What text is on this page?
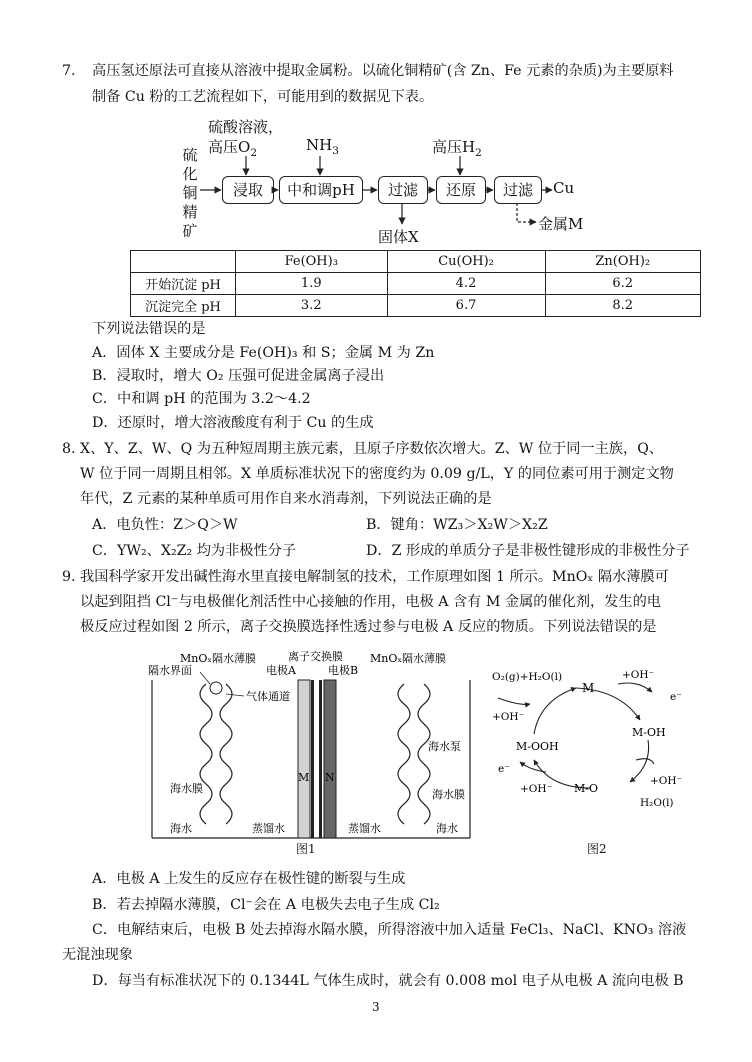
7. 高压氢还原法可直接从溶液中提取金属粉。以硫化铜精矿(含 Zn、Fe 元素的杂质)为主要原料
制备 Cu 粉的工艺流程如下，可能用到的数据见下表。
硫
化
铜
精
矿
硫酸溶液，
高压$O_2$	$NH_3$	高压$H_2$
浸取	中和调pH	过滤	还原	过滤	Cu
固体X
金属M
	Fe(OH)₃	Cu(OH)₂	Zn(OH)₂
开始沉淀 pH	1.9	4.2	6.2
沉淀完全 pH	3.2	6.7	8.2
下列说法错误的是
A．固体 X 主要成分是 Fe(OH)₃ 和 S；金属 M 为 Zn
B．浸取时，增大 O₂ 压强可促进金属离子浸出
C．中和调 pH 的范围为 3.2～4.2
D．还原时，增大溶液酸度有利于 Cu 的生成
8. X、Y、Z、W、Q 为五种短周期主族元素，且原子序数依次增大。Z、W 位于同一主族，Q、
W 位于同一周期且相邻。X 单质标准状况下的密度约为 0.09 g/L，Y 的同位素可用于测定文物
年代，Z 元素的某种单质可用作自来水消毒剂，下列说法正确的是
A．电负性：Z＞Q＞W	B．键角：WZ₃＞X₂W＞X₂Z
C．YW₂、X₂Z₂ 均为非极性分子	D．Z 形成的单质分子是非极性键形成的非极性分子
9. 我国科学家开发出碱性海水里直接电解制氢的技术，工作原理如图 1 所示。MnOₓ 隔水薄膜可
以起到阻挡 Cl⁻与电极催化剂活性中心接触的作用，电极 A 含有 M 金属的催化剂，发生的电
极反应过程如图 2 所示，离子交换膜选择性透过参与电极 A 反应的物质。下列说法错误的是
隔水界面
MnOₓ隔水薄膜	离子交换膜
电极A	电极B
MnOₓ隔水薄膜
气体通道
海水泵
海水膜	海水膜
海水	蒸馏水	蒸馏水	海水
M N
图1
O₂(g)+H₂O(l)
M
M-OOH
M-OH
M-O
H₂O(l)
+OH⁻
e⁻
+OH⁻
+OH⁻
e⁻
+OH⁻
图2
A．电极 A 上发生的反应存在极性键的断裂与生成
B．若去掉隔水薄膜，Cl⁻会在 A 电极失去电子生成 Cl₂
C．电解结束后，电极 B 处去掉海水隔水膜，所得溶液中加入适量 FeCl₃、NaCl、KNO₃ 溶液
无混浊现象
D．每当有标准状况下的 0.1344L 气体生成时，就会有 0.008 mol 电子从电极 A 流向电极 B
3
